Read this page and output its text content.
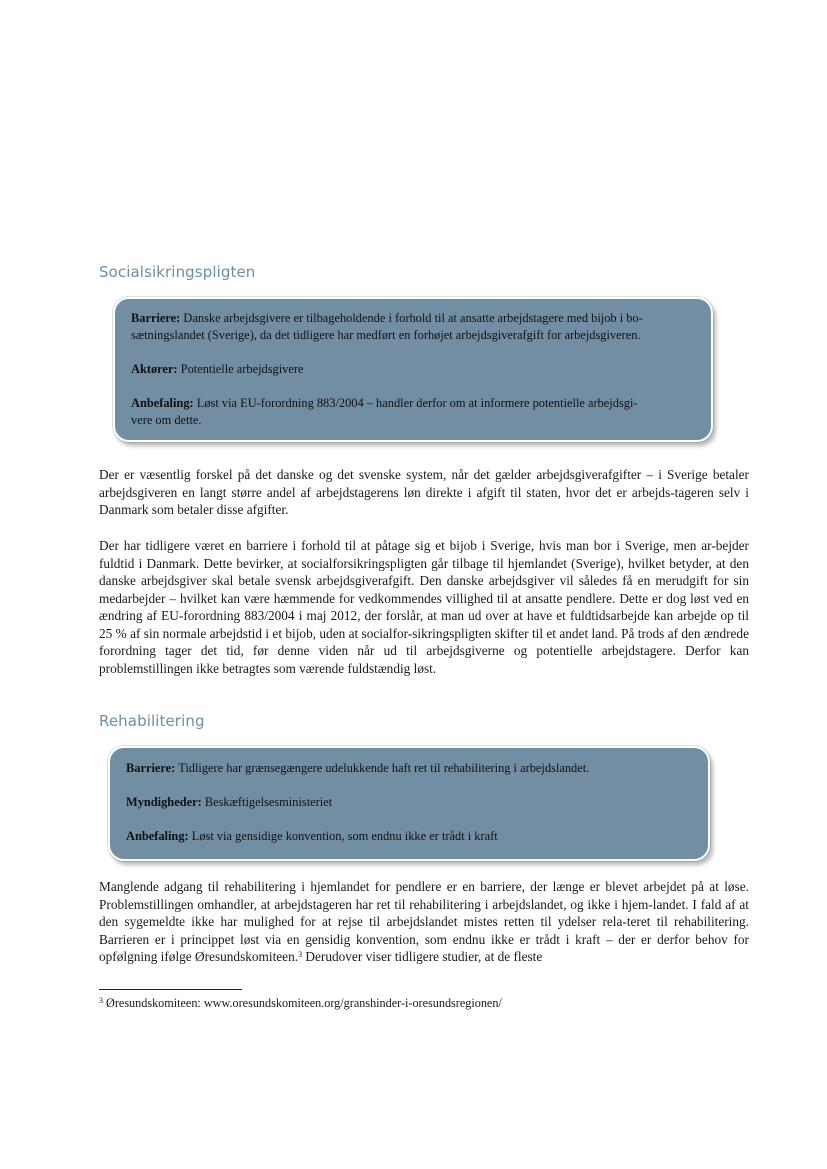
Socialsikringspligten

Barriere: Danske arbejdsgivere er tilbageholdende i forhold til at ansatte arbejdstagere med bijob i bo-
sætningslandet (Sverige), da det tidligere har medført en forhøjet arbejdsgiverafgift for arbejdsgiveren.

Aktører: Potentielle arbejdsgivere

Anbefaling: Løst via EU-forordning 883/2004 – handler derfor om at informere potentielle arbejdsgi-
vere om dette.

Der er væsentlig forskel på det danske og det svenske system, når det gælder arbejdsgiverafgifter – i Sverige betaler arbejdsgiveren en langt større andel af arbejdstagerens løn direkte i afgift til staten, hvor det er arbejds-tageren selv i Danmark som betaler disse afgifter.

Der har tidligere været en barriere i forhold til at påtage sig et bijob i Sverige, hvis man bor i Sverige, men ar-bejder fuldtid i Danmark. Dette bevirker, at socialforsikringspligten går tilbage til hjemlandet (Sverige), hvilket betyder, at den danske arbejdsgiver skal betale svensk arbejdsgiverafgift. Den danske arbejdsgiver vil således få en merudgift for sin medarbejder – hvilket kan være hæmmende for vedkommendes villighed til at ansatte pendlere. Dette er dog løst ved en ændring af EU-forordning 883/2004 i maj 2012, der forslår, at man ud over at have et fuldtidsarbejde kan arbejde op til 25 % af sin normale arbejdstid i et bijob, uden at socialfor-sikringspligten skifter til et andet land. På trods af den ændrede forordning tager det tid, før denne viden når ud til arbejdsgiverne og potentielle arbejdstagere. Derfor kan problemstillingen ikke betragtes som værende fuldstændig løst.

Rehabilitering

Barriere: Tidligere har grænsegængere udelukkende haft ret til rehabilitering i arbejdslandet.

Myndigheder: Beskæftigelsesministeriet

Anbefaling: Løst via gensidige konvention, som endnu ikke er trådt i kraft

Manglende adgang til rehabilitering i hjemlandet for pendlere er en barriere, der længe er blevet arbejdet på at løse. Problemstillingen omhandler, at arbejdstageren har ret til rehabilitering i arbejdslandet, og ikke i hjem-landet. I fald af at den sygemeldte ikke har mulighed for at rejse til arbejdslandet mistes retten til ydelser rela-teret til rehabilitering. Barrieren er i princippet løst via en gensidig konvention, som endnu ikke er trådt i kraft – der er derfor behov for opfølgning ifølge Øresundskomiteen.$^3$ Derudover viser tidligere studier, at de fleste

$^3$ Øresundskomiteen: www.oresundskomiteen.org/granshinder-i-oresundsregionen/
